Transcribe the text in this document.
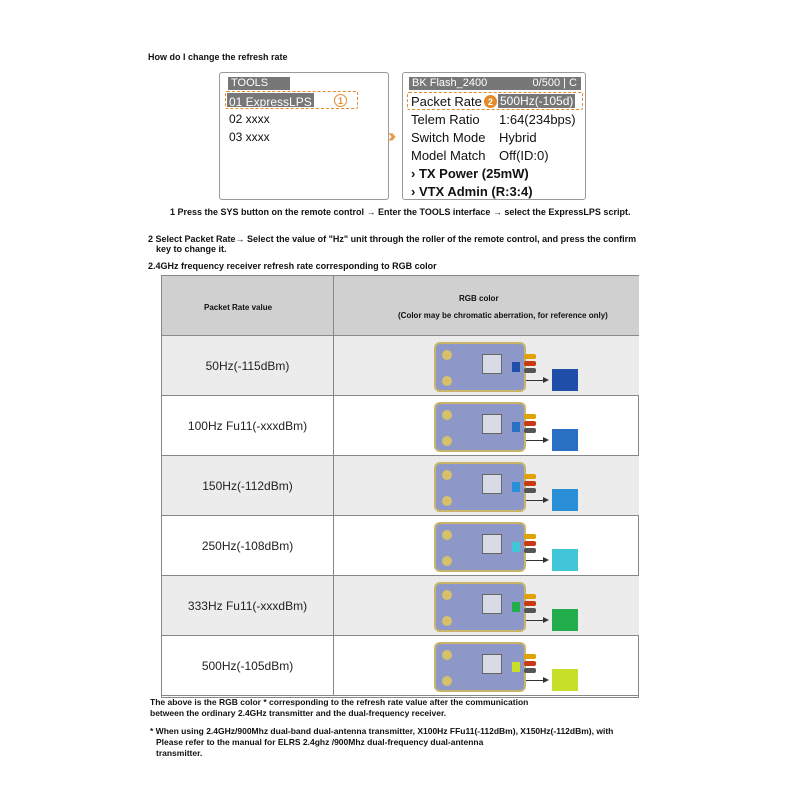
How do I change the refresh rate
TOOLS
01 ExpressLPS	1
02 xxxx
03 xxxx	››
BK Flash_2400	0/500 | C
Packet Rate 2 500Hz(-105d)
Telem Ratio 1:64(234bps)
Switch Mode Hybrid
Model Match Off(ID:0)
› TX Power (25mW)
› VTX Admin (R:3:4)
1 Press the SYS button on the remote control → Enter the TOOLS interface → select the ExpressLPS script.
2 Select Packet Rate→ Select the value of "Hz" unit through the roller of the remote control, and press the confirm
key to change it.
2.4GHz frequency receiver refresh rate corresponding to RGB color
Packet Rate value
RGB color
(Color may be chromatic aberration, for reference only)
50Hz(-115dBm)
100Hz Fu11(-xxxdBm)
150Hz(-112dBm)
250Hz(-108dBm)
333Hz Fu11(-xxxdBm)
500Hz(-105dBm)
The above is the RGB color * corresponding to the refresh rate value after the communication
between the ordinary 2.4GHz transmitter and the dual-frequency receiver.
* When using 2.4GHz/900Mhz dual-band dual-antenna transmitter, X100Hz FFu11(-112dBm), X150Hz(-112dBm), with
Please refer to the manual for ELRS 2.4ghz /900Mhz dual-frequency dual-antenna
transmitter.
